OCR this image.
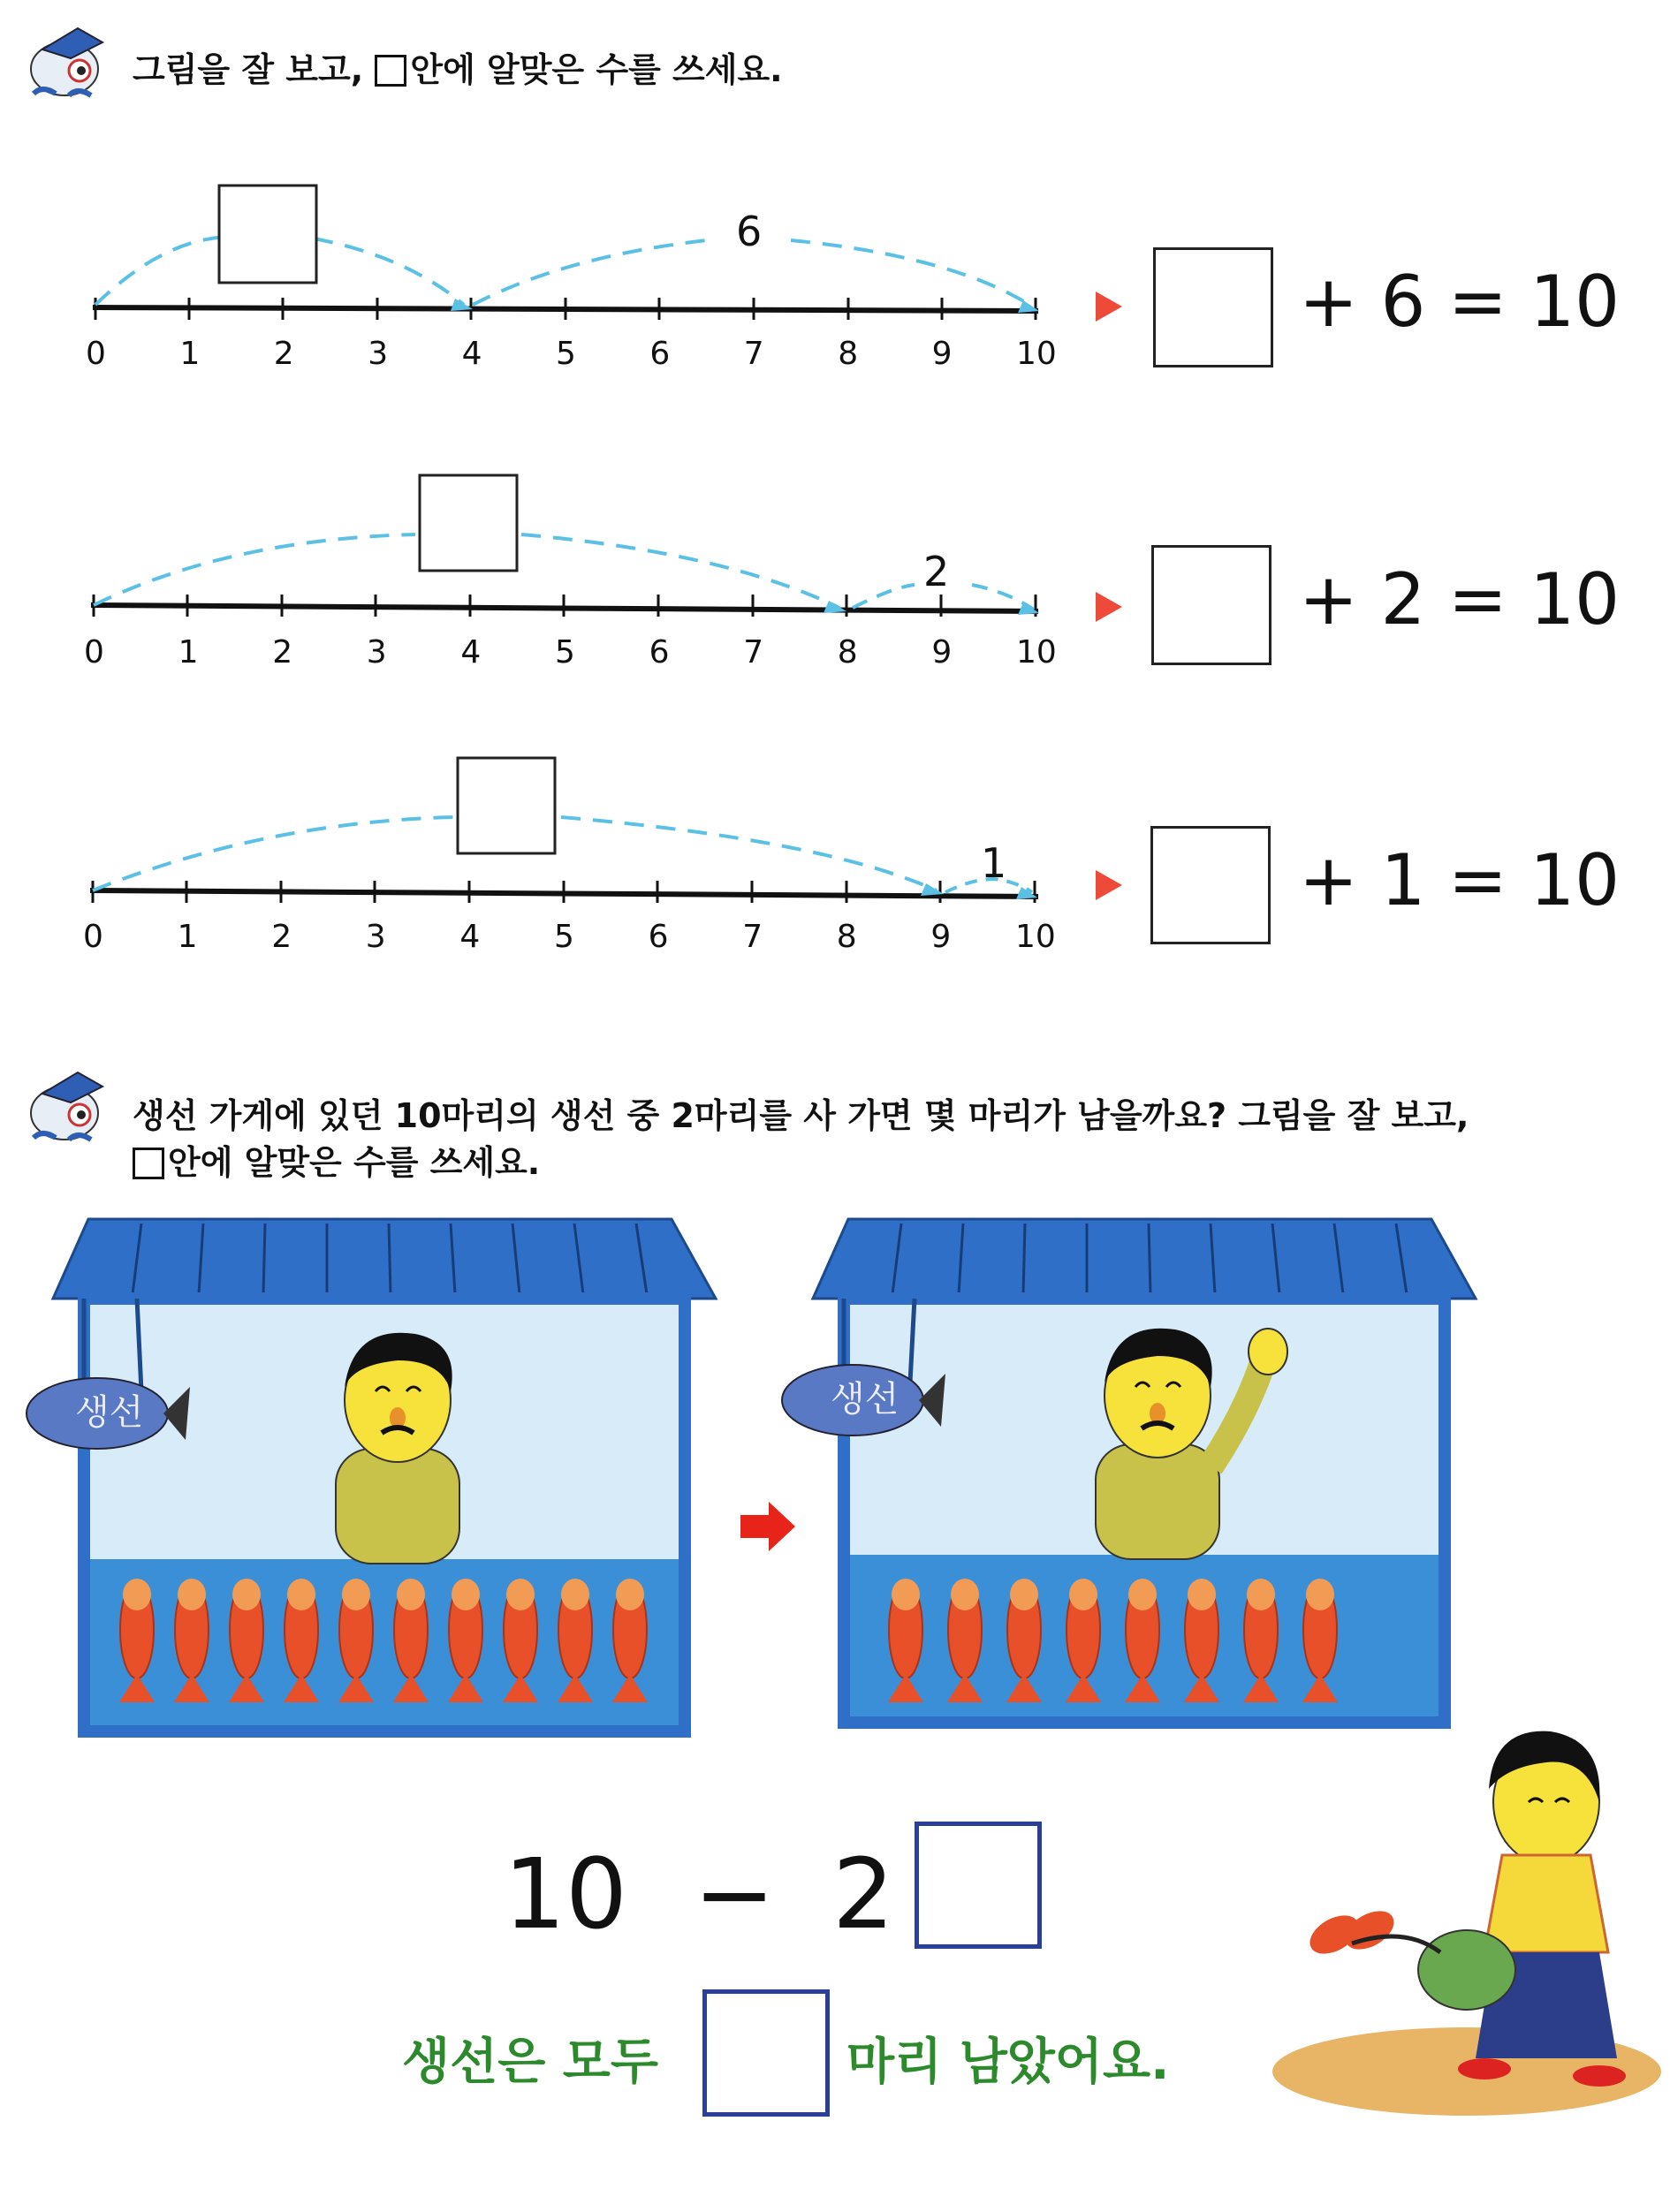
그림을 잘 보고, 안에 알맞은 수를 쓰세요.
0 1 2 3 4 5 6 7 8 9 10
0 1 2 3 4 5 6 7 8 9 10
0 1 2 3 4 5 6 7 8 9 10
6
2
1
+ 6 = 10
+ 2 = 10
+ 1 = 10
생선 가게에 있던 10마리의 생선 중 2마리를 사 가면 몇 마리가 남을까요? 그림을 잘 보고,
안에 알맞은 수를 쓰세요.
생선	생선
10 − 2
생선은 모두	마리 남았어요.
